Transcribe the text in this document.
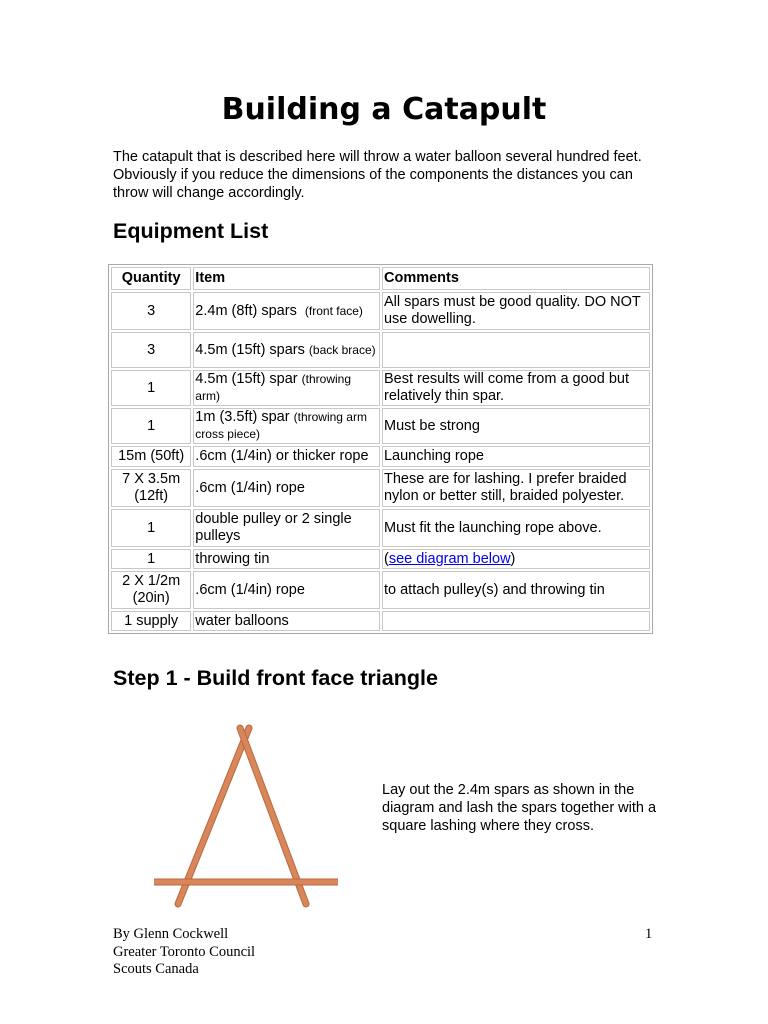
Building a Catapult

The catapult that is described here will throw a water balloon several hundred feet. Obviously if you reduce the dimensions of the components the distances you can throw will change accordingly.

Equipment List
Quantity	Item	Comments
3	2.4m (8ft) spars (front face)	All spars must be good quality. DO NOT use dowelling.
3	4.5m (15ft) spars (back brace)	
1	4.5m (15ft) spar (throwing arm)	Best results will come from a good but relatively thin spar.
1	1m (3.5ft) spar (throwing arm cross piece)	Must be strong
15m (50ft)	.6cm (1/4in) or thicker rope	Launching rope
7 X 3.5m (12ft)	.6cm (1/4in) rope	These are for lashing. I prefer braided nylon or better still, braided polyester.
1	double pulley or 2 single pulleys	Must fit the launching rope above.
1	throwing tin	(see diagram below)
2 X 1/2m (20in)	.6cm (1/4in) rope	to attach pulley(s) and throwing tin
1 supply	water balloons	
Step 1 - Build front face triangle

Lay out the 2.4m spars as shown in the diagram and lash the spars together with a square lashing where they cross.

By Glenn Cockwell
Greater Toronto Council
Scouts Canada
1
